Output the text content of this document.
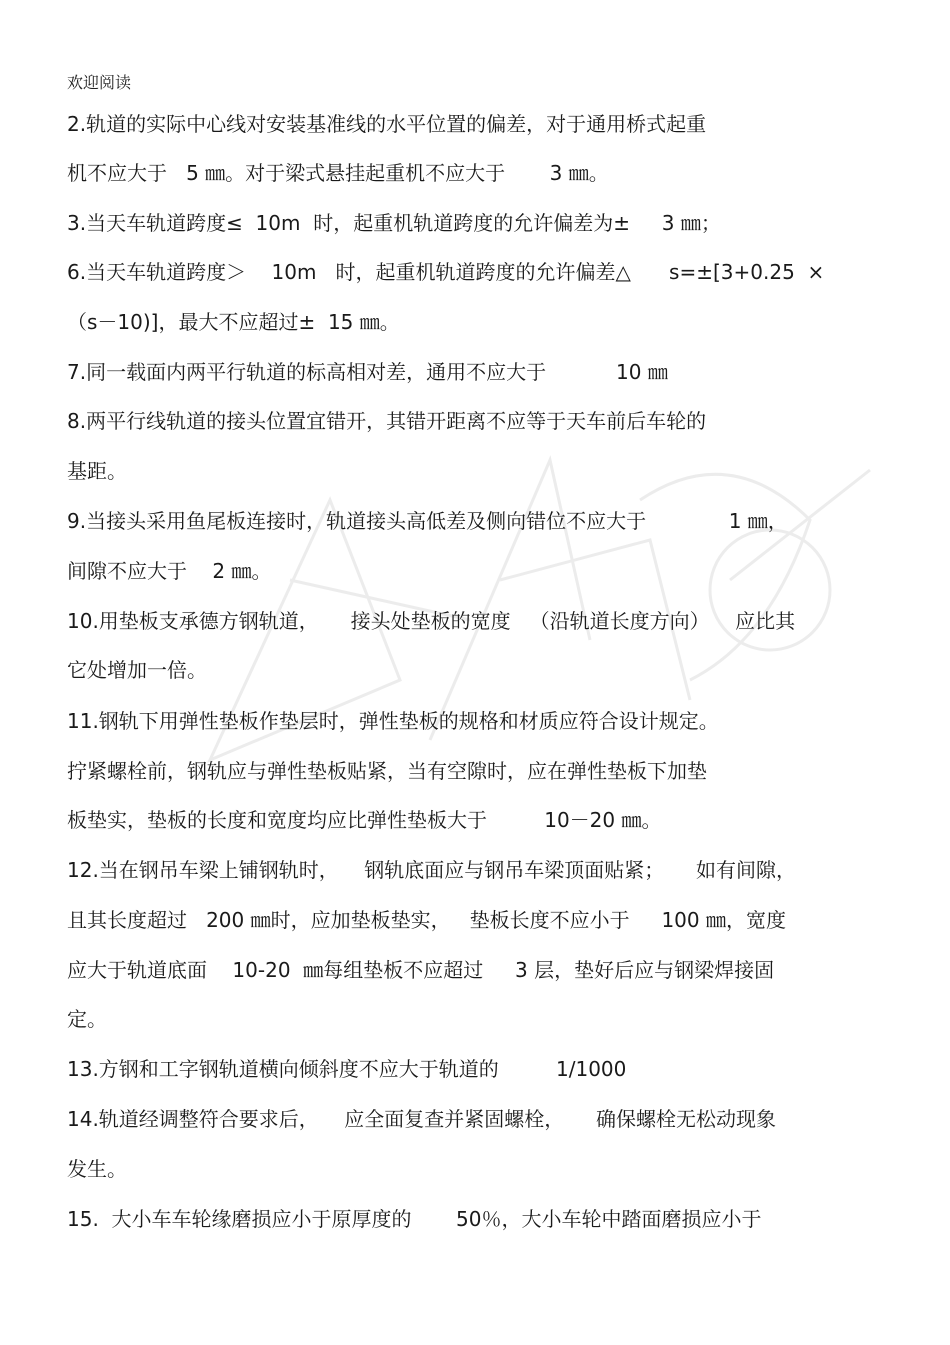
欢迎阅读
2.轨道的实际中心线对安装基准线的水平位置的偏差，对于通用桥式起重
机不应大于   5 ㎜。对于梁式悬挂起重机不应大于       3 ㎜。
3.当天车轨道跨度≤  10m  时，起重机轨道跨度的允许偏差为±     3 ㎜；
6.当天车轨道跨度＞    10m   时，起重机轨道跨度的允许偏差△      s=±[3+0.25  ×
（s－10)]，最大不应超过±  15 ㎜。
7.同一载面内两平行轨道的标高相对差，通用不应大于           10 ㎜
8.两平行线轨道的接头位置宜错开，其错开距离不应等于天车前后车轮的
基距。
9.当接头采用鱼尾板连接时，轨道接头高低差及侧向错位不应大于             1 ㎜，
间隙不应大于    2 ㎜。
10.用垫板支承德方钢轨道，     接头处垫板的宽度   （沿轨道长度方向）    应比其
它处增加一倍。
11.钢轨下用弹性垫板作垫层时，弹性垫板的规格和材质应符合设计规定。
拧紧螺栓前，钢轨应与弹性垫板贴紧，当有空隙时，应在弹性垫板下加垫
板垫实，垫板的长度和宽度均应比弹性垫板大于         10－20 ㎜。
12.当在钢吊车梁上铺钢轨时，    钢轨底面应与钢吊车梁顶面贴紧；     如有间隙，
且其长度超过   200 ㎜时，应加垫板垫实，   垫板长度不应小于     100 ㎜，宽度
应大于轨道底面    10-20  ㎜每组垫板不应超过     3 层，垫好后应与钢梁焊接固
定。
13.方钢和工字钢轨道横向倾斜度不应大于轨道的         1/1000
14.轨道经调整符合要求后，    应全面复查并紧固螺栓，     确保螺栓无松动现象
发生。
15.  大小车车轮缘磨损应小于原厚度的       50％，大小车轮中踏面磨损应小于
